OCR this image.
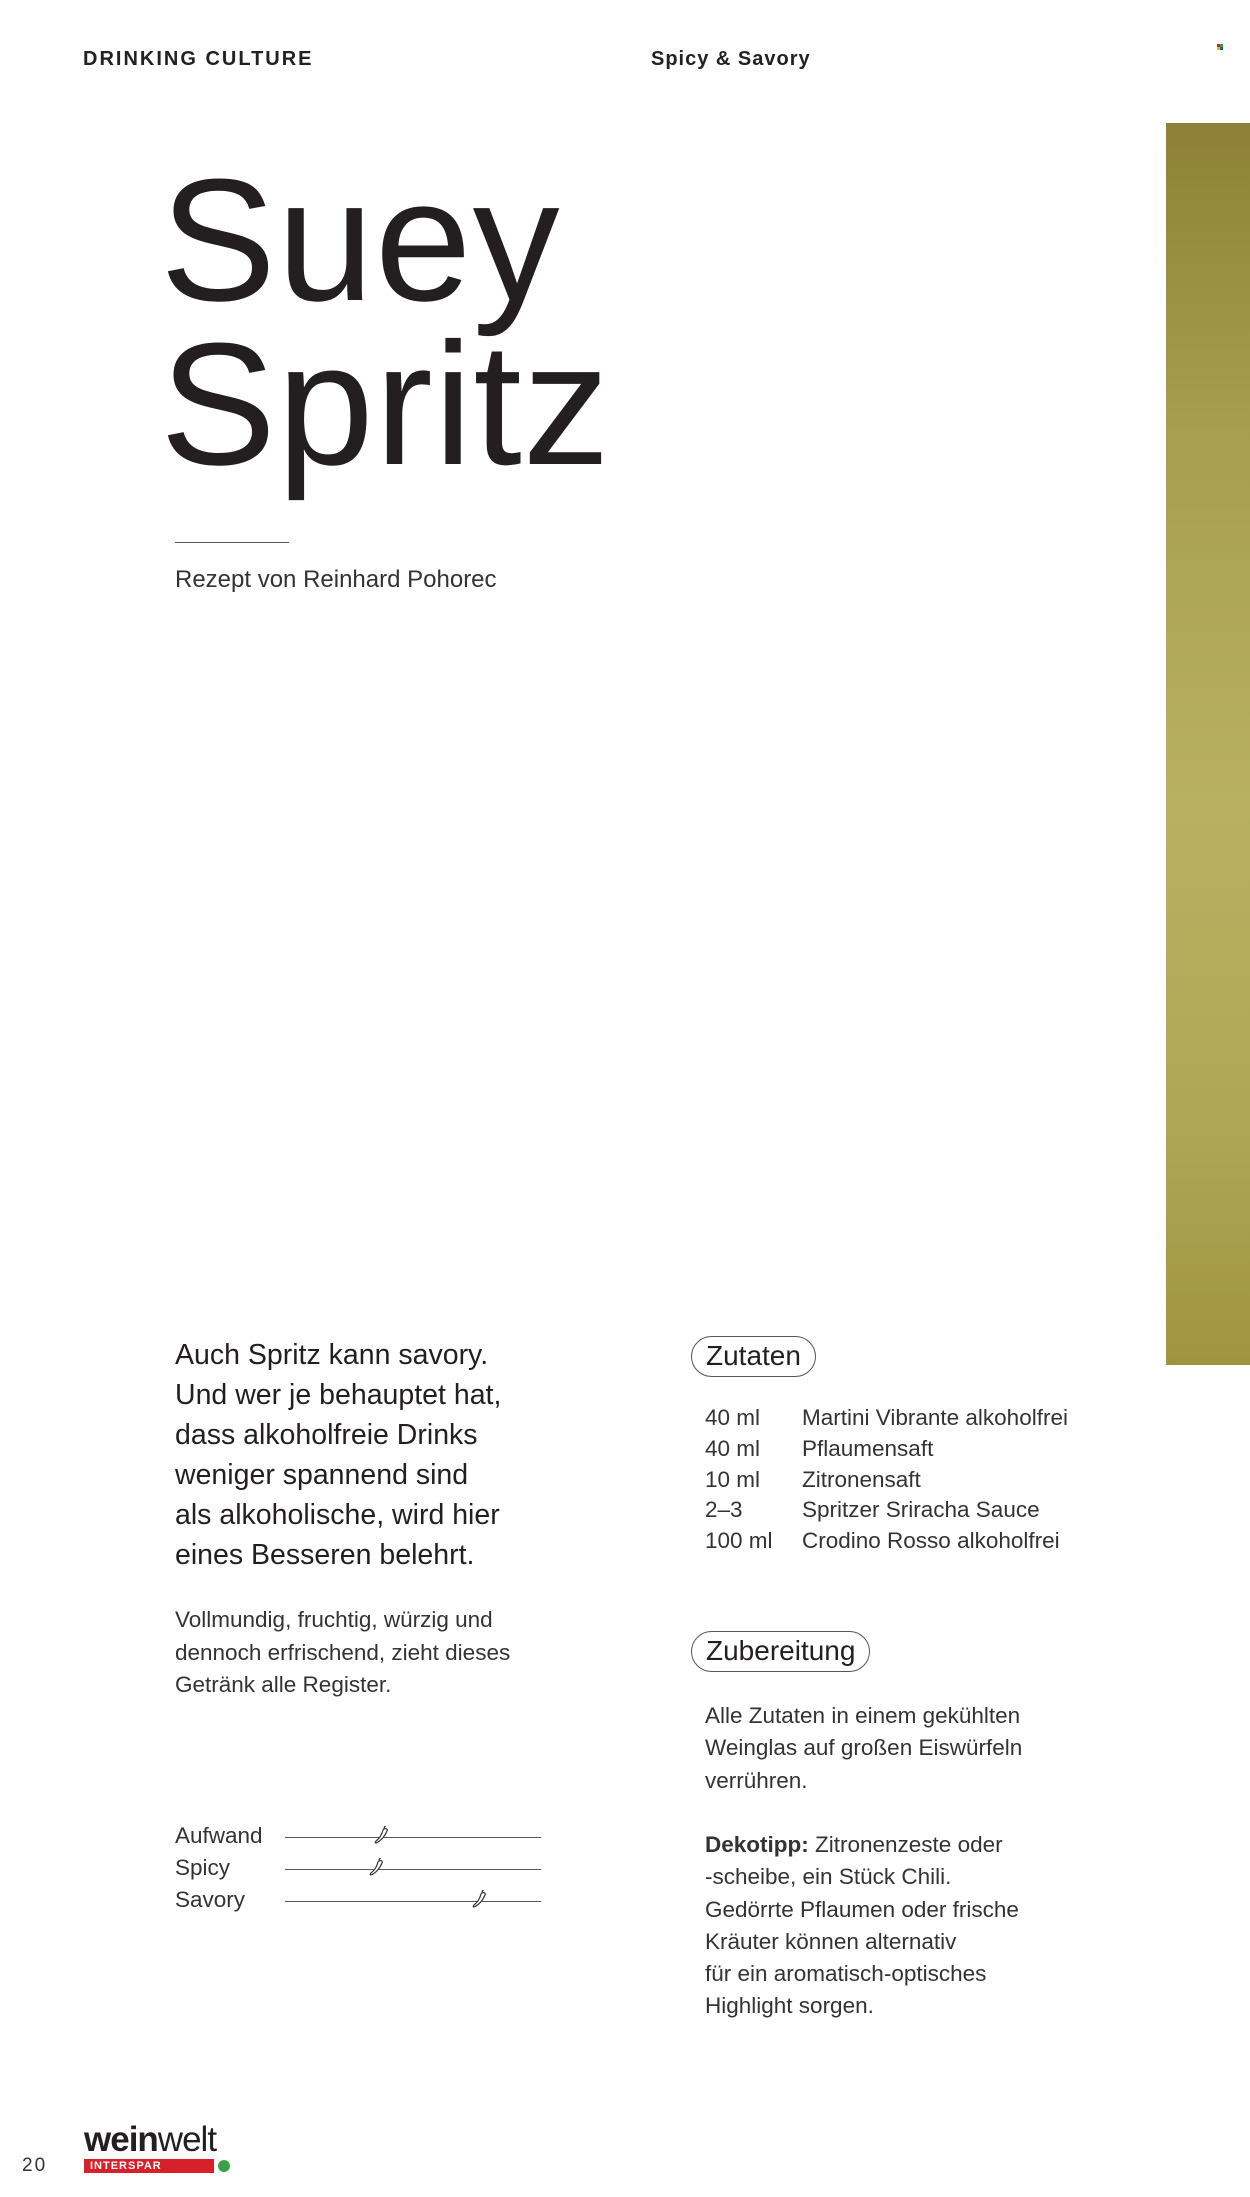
DRINKING CULTURE	Spicy & Savory
Suey
Spritz
Rezept von Reinhard Pohorec
Auch Spritz kann savory.
Und wer je behauptet hat,
dass alkoholfreie Drinks
weniger spannend sind
als alkoholische, wird hier
eines Besseren belehrt.
Vollmundig, fruchtig, würzig und
dennoch erfrischend, zieht dieses
Getränk alle Register.
Aufwand
Spicy
Savory
Zutaten
40 ml Martini Vibrante alkoholfrei
40 ml Pflaumensaft
10 ml Zitronensaft
2–3	Spritzer Sriracha Sauce
100 ml Crodino Rosso alkoholfrei
Zubereitung
Alle Zutaten in einem gekühlten
Weinglas auf großen Eiswürfeln
verrühren.
Dekotipp: Zitronenzeste oder
-scheibe, ein Stück Chili.
Gedörrte Pflaumen oder frische
Kräuter können alternativ
für ein aromatisch-optisches
Highlight sorgen.
20
weinwelt
INTERSPAR
